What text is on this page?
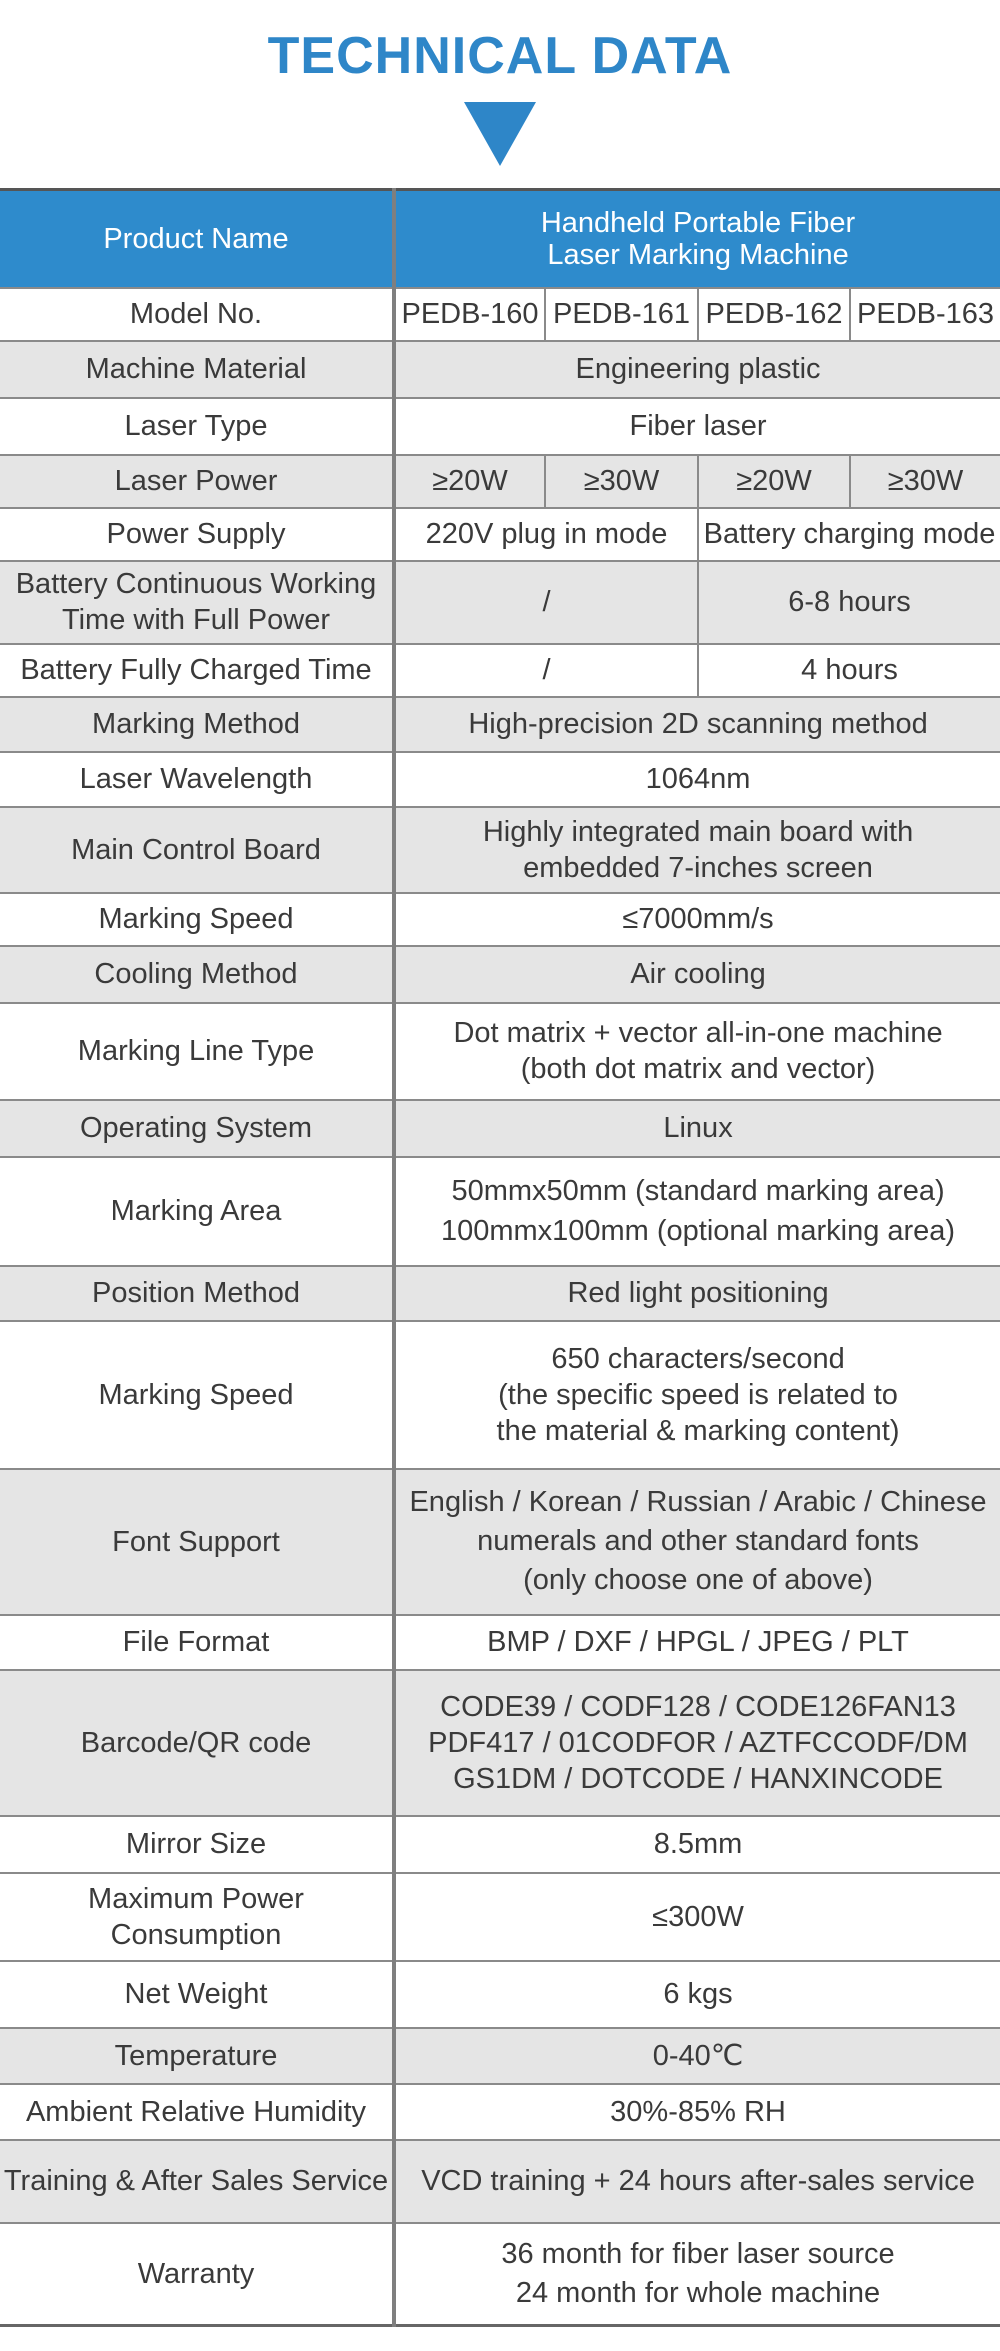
TECHNICAL DATA
Product Name	Handheld Portable Fiber
Laser Marking Machine			

Model No.	PEDB-160	PEDB-161	PEDB-162	PEDB-163
Machine Material	Engineering plastic			
Laser Type	Fiber laser			
Laser Power	≥20W	≥30W	≥20W	≥30W
Power Supply	220V plug in mode		Battery charging mode	

Battery Continuous Working
Time with Full Power	/		6-8 hours	
Battery Fully Charged Time	/		4 hours	
Marking Method	High-precision 2D scanning method			
Laser Wavelength	1064nm			
Main Control Board	Highly integrated main board with
embedded 7-inches screen			

Marking Speed	≤7000mm/s			
Cooling Method	Air cooling			
Marking Line Type	Dot matrix + vector all-in-one machine
(both dot matrix and vector)			

Operating System	Linux			
Marking Area	50mmx50mm (standard marking area)
100mmx100mm (optional marking area)			

Position Method	Red light positioning			
Marking Speed	650 characters/second
(the specific speed is related to
the material & marking content)			

Font Support	English / Korean / Russian / Arabic / Chinese
numerals and other standard fonts
(only choose one of above)			

File Format	BMP / DXF / HPGL / JPEG / PLT			
Barcode/QR code	CODE39 / CODF128 / CODE126FAN13
PDF417 / 01CODFOR / AZTFCCODF/DM
GS1DM / DOTCODE / HANXINCODE			

Mirror Size	8.5mm			

Maximum Power
Consumption	≤300W			
Net Weight	6 kgs			
Temperature	0-40℃			
Ambient Relative Humidity	30%-85% RH			
Training & After Sales Service	VCD training + 24 hours after-sales service			
Warranty	36 month for fiber laser source
24 month for whole machine			
